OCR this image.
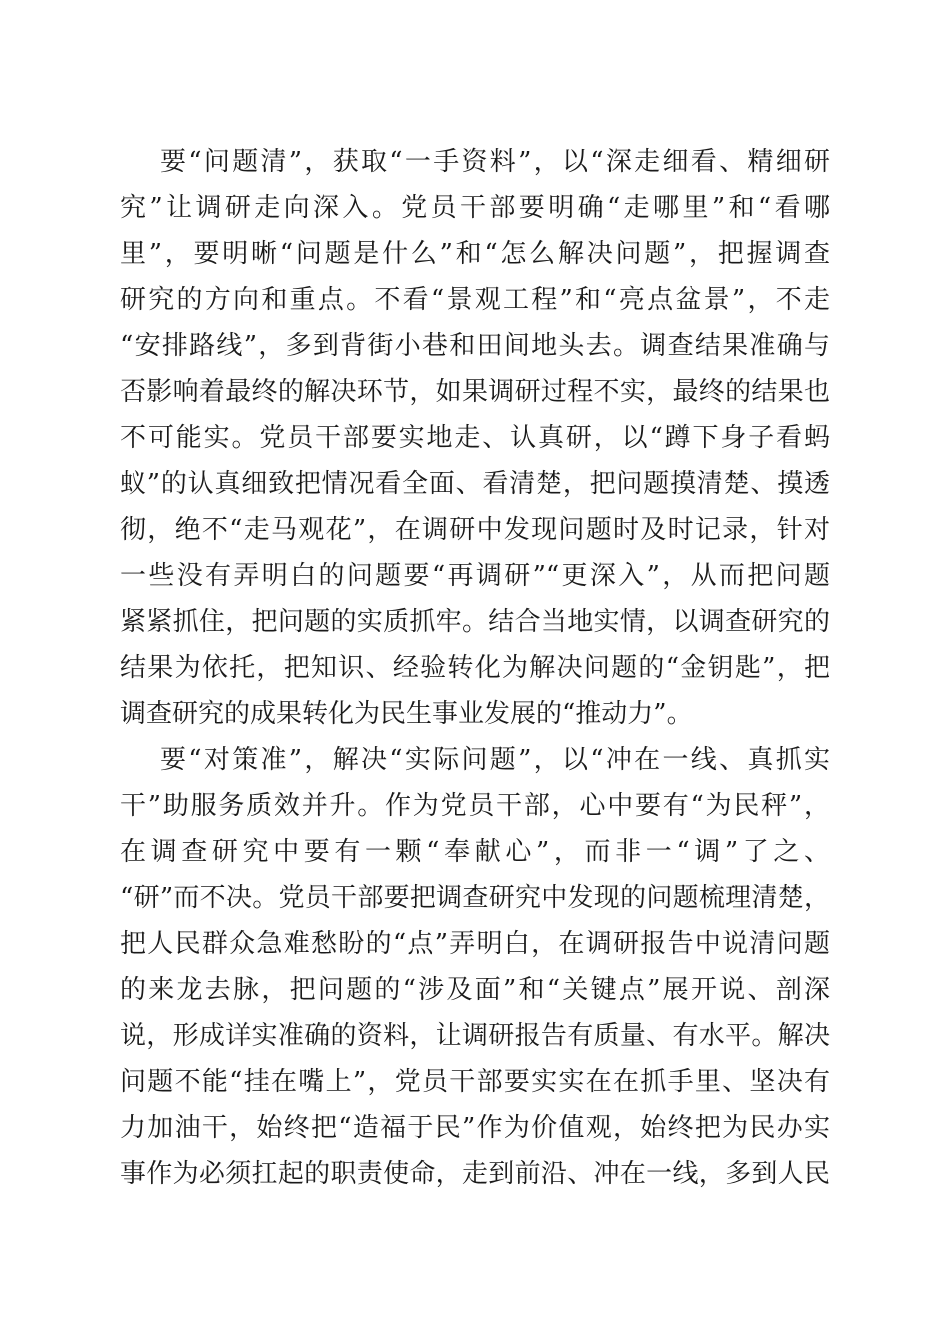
要“问题清”，获取“一手资料”，以“深走细看、精细研
究”让调研走向深入。党员干部要明确“走哪里”和“看哪
里”，要明晰“问题是什么”和“怎么解决问题”，把握调查
研究的方向和重点。不看“景观工程”和“亮点盆景”，不走
“安排路线”，多到背街小巷和田间地头去。调查结果准确与
否影响着最终的解决环节，如果调研过程不实，最终的结果也
不可能实。党员干部要实地走、认真研，以“蹲下身子看蚂
蚁”的认真细致把情况看全面、看清楚，把问题摸清楚、摸透
彻，绝不“走马观花”，在调研中发现问题时及时记录，针对
一些没有弄明白的问题要“再调研”“更深入”，从而把问题
紧紧抓住，把问题的实质抓牢。结合当地实情，以调查研究的
结果为依托，把知识、经验转化为解决问题的“金钥匙”，把
调查研究的成果转化为民生事业发展的“推动力”。
要“对策准”，解决“实际问题”，以“冲在一线、真抓实
干”助服务质效并升。作为党员干部，心中要有“为民秤”，
在调查研究中要有一颗“奉献心”，而非一“调”了之、
“研”而不决。党员干部要把调查研究中发现的问题梳理清楚，
把人民群众急难愁盼的“点”弄明白，在调研报告中说清问题
的来龙去脉，把问题的“涉及面”和“关键点”展开说、剖深
说，形成详实准确的资料，让调研报告有质量、有水平。解决
问题不能“挂在嘴上”，党员干部要实实在在抓手里、坚决有
力加油干，始终把“造福于民”作为价值观，始终把为民办实
事作为必须扛起的职责使命，走到前沿、冲在一线，多到人民
